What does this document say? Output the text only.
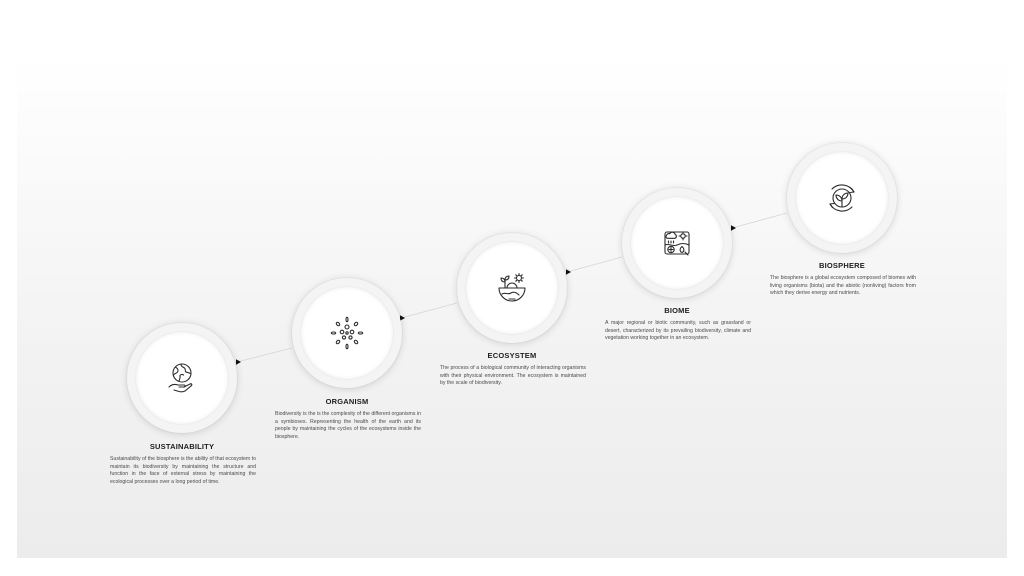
SUSTAINABILITY

Sustainability of the biosphere is the ability of that ecosystem to maintain its biodiversity by maintaining the structure and function in the face of external stress by maintaining the ecological processes over a long period of time.

ORGANISM

Biodiversity is the is the complexity of the different organisms in a symbioses. Representing the health of the earth and its people by maintaining the cycles of the ecosystems inside the biosphere.

ECOSYSTEM

The process of a biological community of interacting organisms with their physical environment. The ecosystem is maintained by the scale of biodiversity.

BIOME

A major regional or biotic community, such as grassland or desert, characterized by its prevailing biodiversity, climate and vegetation working together in an ecosystem.

BIOSPHERE

The biosphere is a global ecosystem composed of biomes with living organisms (biota) and the abiotic (nonliving) factors from which they derive energy and nutrients.
